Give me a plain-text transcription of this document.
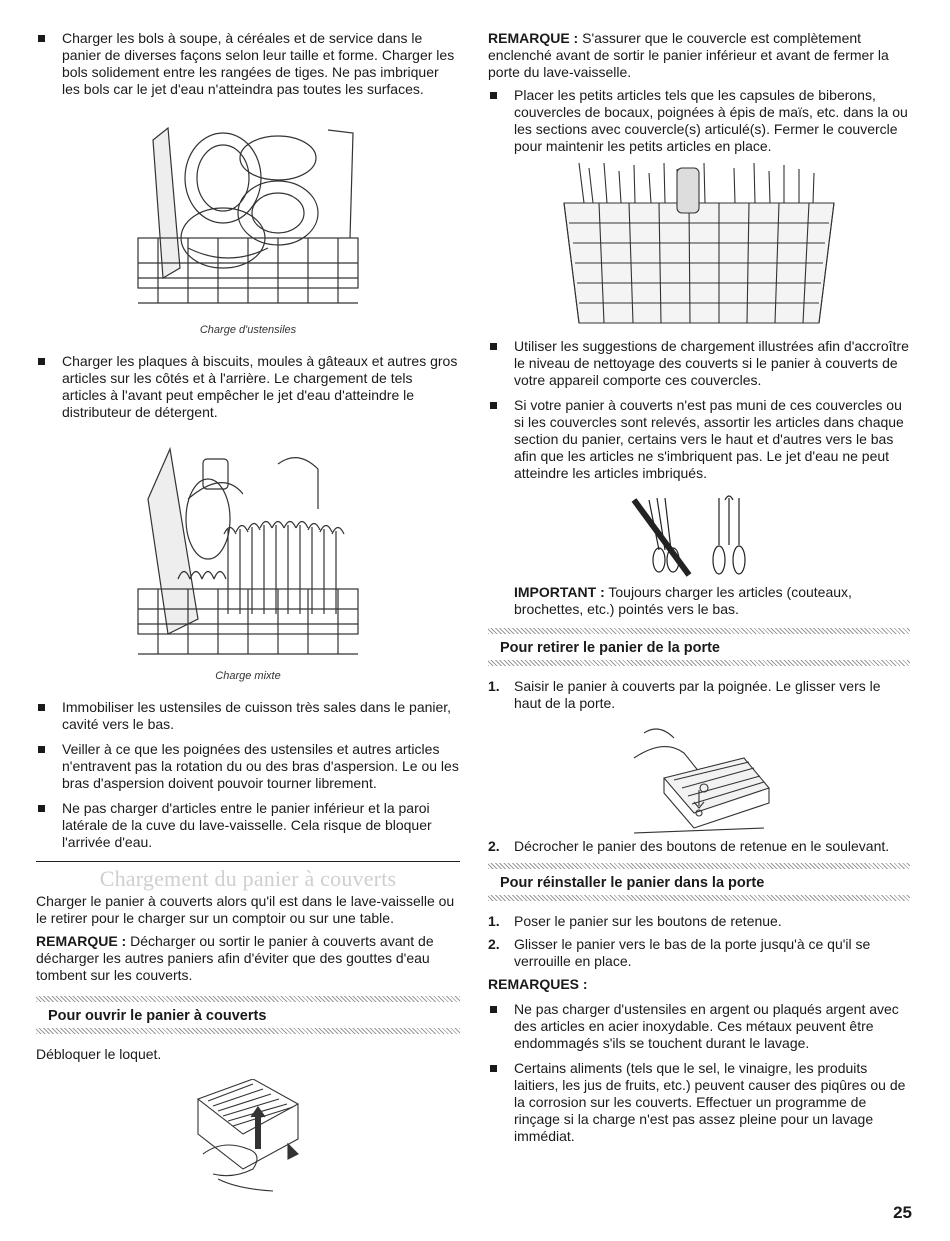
Charger les bols à soupe, à céréales et de service dans le panier de diverses façons selon leur taille et forme. Charger les bols solidement entre les rangées de tiges. Ne pas imbriquer les bols car le jet d'eau n'atteindra pas toutes les surfaces.
Charge d'ustensiles
Charger les plaques à biscuits, moules à gâteaux et autres gros articles sur les côtés et à l'arrière. Le chargement de tels articles à l'avant peut empêcher le jet d'eau d'atteindre le distributeur de détergent.
Charge mixte
Immobiliser les ustensiles de cuisson très sales dans le panier, cavité vers le bas.
Veiller à ce que les poignées des ustensiles et autres articles n'entravent pas la rotation du ou des bras d'aspersion. Le ou les bras d'aspersion doivent pouvoir tourner librement.
Ne pas charger d'articles entre le panier inférieur et la paroi latérale de la cuve du lave-vaisselle. Cela risque de bloquer l'arrivée d'eau.
Chargement du panier à couverts

Charger le panier à couverts alors qu'il est dans le lave-vaisselle ou le retirer pour le charger sur un comptoir ou sur une table.

REMARQUE : Décharger ou sortir le panier à couverts avant de décharger les autres paniers afin d'éviter que des gouttes d'eau tombent sur les couverts.

Pour ouvrir le panier à couverts

Débloquer le loquet.

REMARQUE : S'assurer que le couvercle est complètement enclenché avant de sortir le panier inférieur et avant de fermer la porte du lave-vaisselle.

Placer les petits articles tels que les capsules de biberons, couvercles de bocaux, poignées à épis de maïs, etc. dans la ou les sections avec couvercle(s) articulé(s). Fermer le couvercle pour maintenir les petits articles en place.
Utiliser les suggestions de chargement illustrées afin d'accroître le niveau de nettoyage des couverts si le panier à couverts de votre appareil comporte ces couvercles.
Si votre panier à couverts n'est pas muni de ces couvercles ou si les couvercles sont relevés, assortir les articles dans chaque section du panier, certains vers le haut et d'autres vers le bas afin que les articles ne s'imbriquent pas. Le jet d'eau ne peut atteindre les articles imbriqués.

IMPORTANT : Toujours charger les articles (couteaux, brochettes, etc.) pointés vers le bas.

Pour retirer le panier de la porte
1. Saisir le panier à couverts par la poignée. Le glisser vers le haut de la porte.
2. Décrocher le panier des boutons de retenue en le soulevant.
Pour réinstaller le panier dans la porte
1. Poser le panier sur les boutons de retenue.
2. Glisser le panier vers le bas de la porte jusqu'à ce qu'il se verrouille en place.

REMARQUES :

Ne pas charger d'ustensiles en argent ou plaqués argent avec des articles en acier inoxydable. Ces métaux peuvent être endommagés s'ils se touchent durant le lavage.
Certains aliments (tels que le sel, le vinaigre, les produits laitiers, les jus de fruits, etc.) peuvent causer des piqûres ou de la corrosion sur les couverts. Effectuer un programme de rinçage si la charge n'est pas assez pleine pour un lavage immédiat.
25
